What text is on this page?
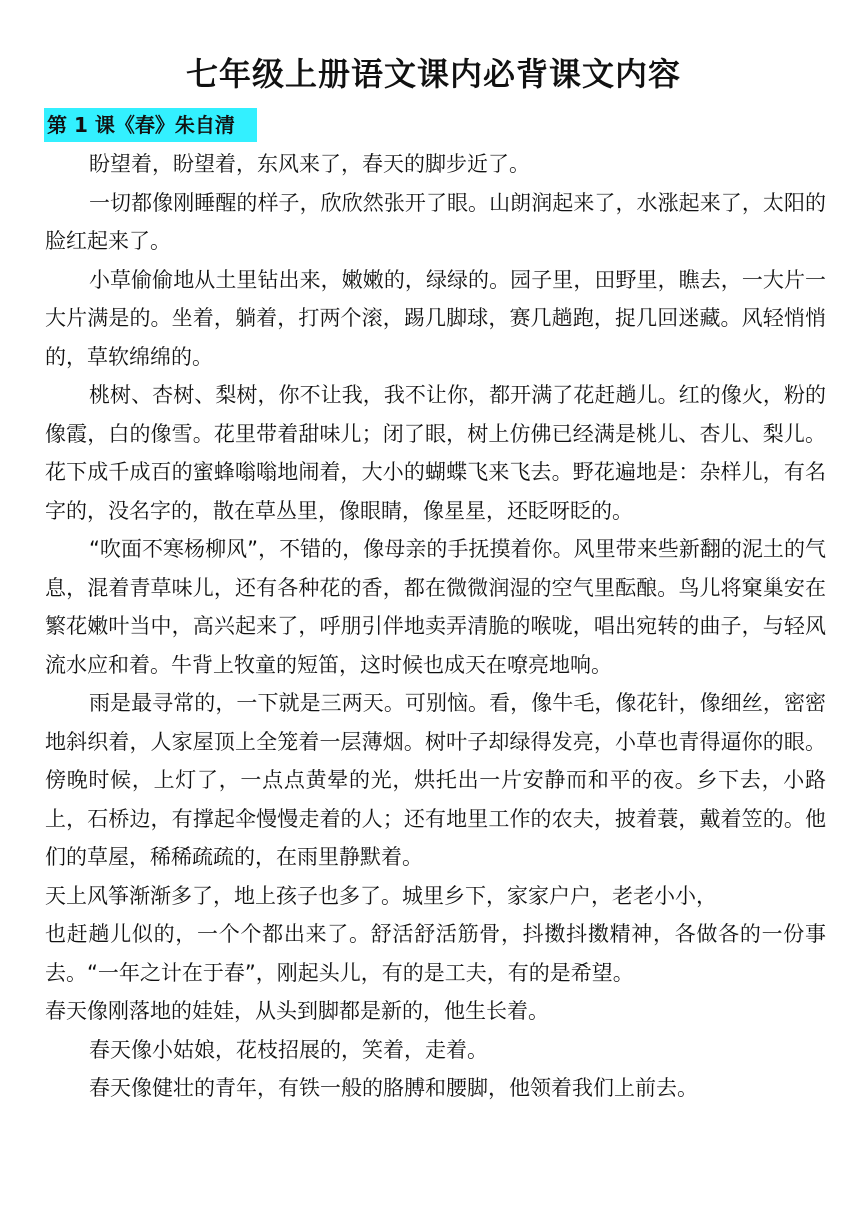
七年级上册语文课内必背课文内容
第 1 课《春》朱自清

盼望着，盼望着，东风来了，春天的脚步近了。

一切都像刚睡醒的样子，欣欣然张开了眼。山朗润起来了，水涨起来了，太阳的脸红起来了。

小草偷偷地从土里钻出来，嫩嫩的，绿绿的。园子里，田野里，瞧去，一大片一大片满是的。坐着，躺着，打两个滚，踢几脚球，赛几趟跑，捉几回迷藏。风轻悄悄的，草软绵绵的。

桃树、杏树、梨树，你不让我，我不让你，都开满了花赶趟儿。红的像火，粉的像霞，白的像雪。花里带着甜味儿；闭了眼，树上仿佛已经满是桃儿、杏儿、梨儿。花下成千成百的蜜蜂嗡嗡地闹着，大小的蝴蝶飞来飞去。野花遍地是：杂样儿，有名字的，没名字的，散在草丛里，像眼睛，像星星，还眨呀眨的。

“吹面不寒杨柳风”，不错的，像母亲的手抚摸着你。风里带来些新翻的泥土的气息，混着青草味儿，还有各种花的香，都在微微润湿的空气里酝酿。鸟儿将窠巢安在繁花嫩叶当中，高兴起来了，呼朋引伴地卖弄清脆的喉咙，唱出宛转的曲子，与轻风流水应和着。牛背上牧童的短笛，这时候也成天在嘹亮地响。

雨是最寻常的，一下就是三两天。可别恼。看，像牛毛，像花针，像细丝，密密地斜织着，人家屋顶上全笼着一层薄烟。树叶子却绿得发亮，小草也青得逼你的眼。傍晚时候，上灯了，一点点黄晕的光，烘托出一片安静而和平的夜。乡下去，小路上，石桥边，有撑起伞慢慢走着的人；还有地里工作的农夫，披着蓑，戴着笠的。他们的草屋，稀稀疏疏的，在雨里静默着。

天上风筝渐渐多了，地上孩子也多了。城里乡下，家家户户，老老小小，

也赶趟儿似的，一个个都出来了。舒活舒活筋骨，抖擞抖擞精神，各做各的一份事去。“一年之计在于春”，刚起头儿，有的是工夫，有的是希望。

春天像刚落地的娃娃，从头到脚都是新的，他生长着。

春天像小姑娘，花枝招展的，笑着，走着。

春天像健壮的青年，有铁一般的胳膊和腰脚，他领着我们上前去。
